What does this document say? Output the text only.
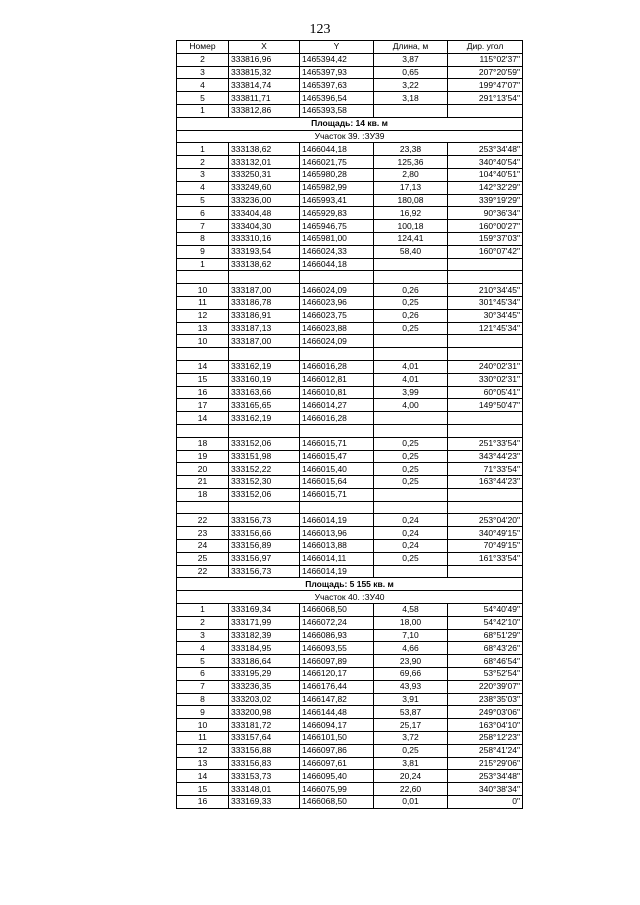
123
Номер	X	Y	Длина, м	Дир. угол
2	333816,96	1465394,42	3,87	115°02'37"
3	333815,32	1465397,93	0,65	207°20'59"
4	333814,74	1465397,63	3,22	199°47'07"
5	333811,71	1465396,54	3,18	291°13'54"
1	333812,86	1465393,58		
Площадь: 14 кв. м				
Участок 39. :ЗУ39				
1	333138,62	1466044,18	23,38	253°34'48"
2	333132,01	1466021,75	125,36	340°40'54"
3	333250,31	1465980,28	2,80	104°40'51"
4	333249,60	1465982,99	17,13	142°32'29"
5	333236,00	1465993,41	180,08	339°19'29"
6	333404,48	1465929,83	16,92	90°36'34"
7	333404,30	1465946,75	100,18	160°00'27"
8	333310,16	1465981,00	124,41	159°37'03"
9	333193,54	1466024,33	58,40	160°07'42"
1	333138,62	1466044,18		

10	333187,00	1466024,09	0,26	210°34'45"
11	333186,78	1466023,96	0,25	301°45'34"
12	333186,91	1466023,75	0,26	30°34'45"
13	333187,13	1466023,88	0,25	121°45'34"
10	333187,00	1466024,09		

14	333162,19	1466016,28	4,01	240°02'31"
15	333160,19	1466012,81	4,01	330°02'31"
16	333163,66	1466010,81	3,99	60°05'41"
17	333165,65	1466014,27	4,00	149°50'47"
14	333162,19	1466016,28		

18	333152,06	1466015,71	0,25	251°33'54"
19	333151,98	1466015,47	0,25	343°44'23"
20	333152,22	1466015,40	0,25	71°33'54"
21	333152,30	1466015,64	0,25	163°44'23"
18	333152,06	1466015,71		

22	333156,73	1466014,19	0,24	253°04'20"
23	333156,66	1466013,96	0,24	340°49'15"
24	333156,89	1466013,88	0,24	70°49'15"
25	333156,97	1466014,11	0,25	161°33'54"
22	333156,73	1466014,19		
Площадь: 5 155 кв. м				
Участок 40. :ЗУ40				
1	333169,34	1466068,50	4,58	54°40'49"
2	333171,99	1466072,24	18,00	54°42'10"
3	333182,39	1466086,93	7,10	68°51'29"
4	333184,95	1466093,55	4,66	68°43'26"
5	333186,64	1466097,89	23,90	68°46'54"
6	333195,29	1466120,17	69,66	53°52'54"
7	333236,35	1466176,44	43,93	220°39'07"
8	333203,02	1466147,82	3,91	238°35'03"
9	333200,98	1466144,48	53,87	249°03'06"
10	333181,72	1466094,17	25,17	163°04'10"
11	333157,64	1466101,50	3,72	258°12'23"
12	333156,88	1466097,86	0,25	258°41'24"
13	333156,83	1466097,61	3,81	215°29'06"
14	333153,73	1466095,40	20,24	253°34'48"
15	333148,01	1466075,99	22,60	340°38'34"
16	333169,33	1466068,50	0,01	0"
